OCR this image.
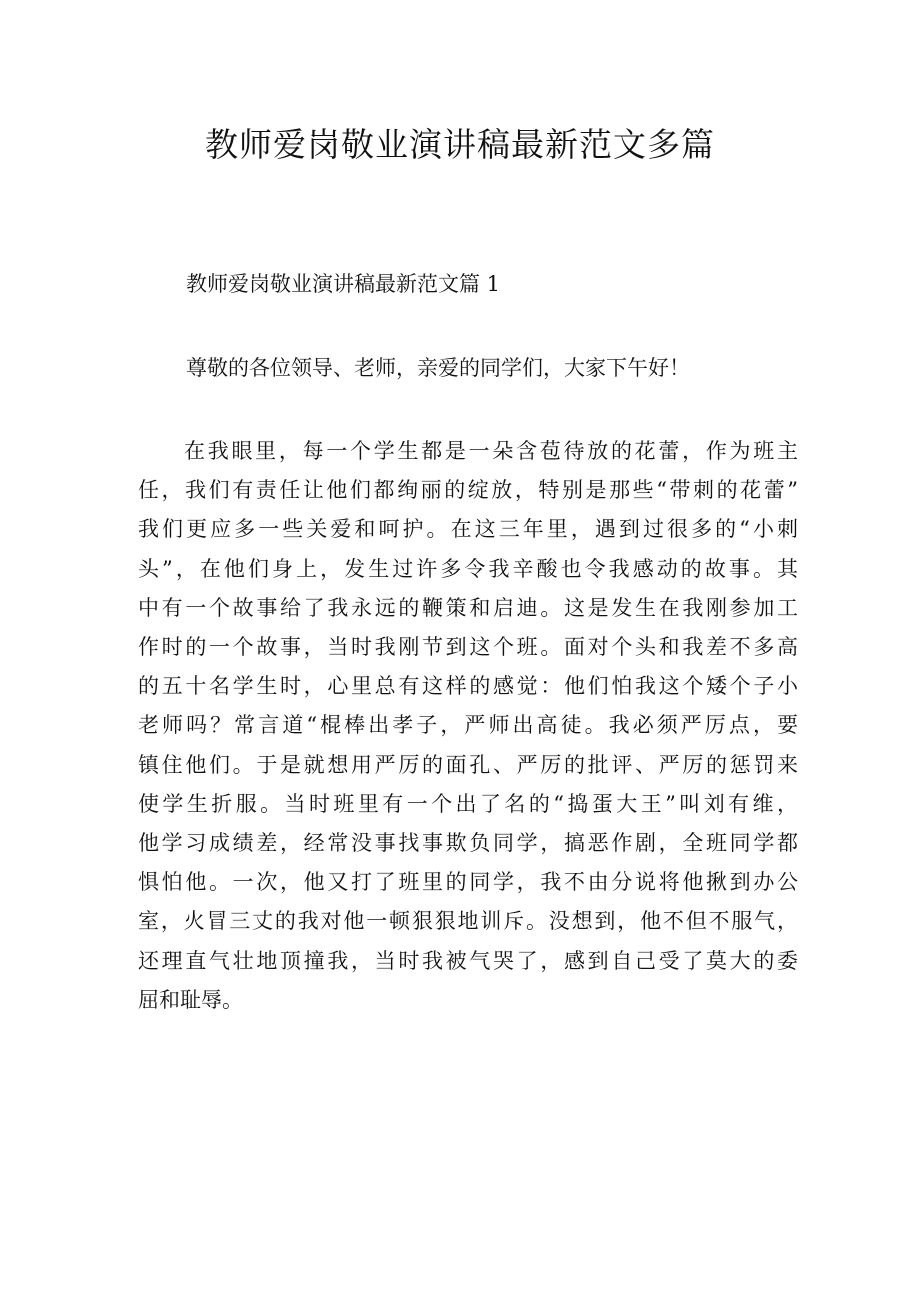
教师爱岗敬业演讲稿最新范文多篇
教师爱岗敬业演讲稿最新范文篇 1

尊敬的各位领导、老师，亲爱的同学们，大家下午好！

在我眼里，每一个学生都是一朵含苞待放的花蕾，作为班主
任，我们有责任让他们都绚丽的绽放，特别是那些“带刺的花蕾”
我们更应多一些关爱和呵护。在这三年里，遇到过很多的“小刺
头”，在他们身上，发生过许多令我辛酸也令我感动的故事。其
中有一个故事给了我永远的鞭策和启迪。这是发生在我刚参加工
作时的一个故事，当时我刚节到这个班。面对个头和我差不多高
的五十名学生时，心里总有这样的感觉：他们怕我这个矮个子小
老师吗？常言道“棍棒出孝子，严师出高徒。我必须严厉点，要
镇住他们。于是就想用严厉的面孔、严厉的批评、严厉的惩罚来
使学生折服。当时班里有一个出了名的“捣蛋大王”叫刘有维，
他学习成绩差，经常没事找事欺负同学，搞恶作剧，全班同学都
惧怕他。一次，他又打了班里的同学，我不由分说将他揪到办公
室，火冒三丈的我对他一顿狠狠地训斥。没想到，他不但不服气，
还理直气壮地顶撞我，当时我被气哭了，感到自己受了莫大的委
屈和耻辱。
